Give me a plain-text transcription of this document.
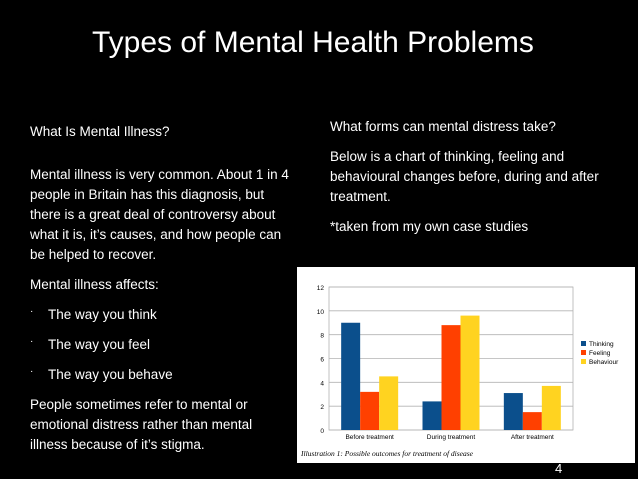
Types of Mental Health Problems

What Is Mental Illness?

Mental illness is very common. About 1 in 4 people in Britain has this diagnosis, but there is a great deal of controversy about what it is, it’s causes, and how people can be helped to recover.

Mental illness affects:

· The way you think
· The way you feel
· The way you behave

People sometimes refer to mental or emotional distress rather than mental illness because of it’s stigma.

What forms can mental distress take?

Below is a chart of thinking, feeling and behavioural changes before, during and after treatment.

*taken from my own case studies

0
2
4
6
8
10
12
Before treatment	During treatment	After treatment
Thinking
Feeling
Behaviour
Illustration 1: Possible outcomes for treatment of disease
4
